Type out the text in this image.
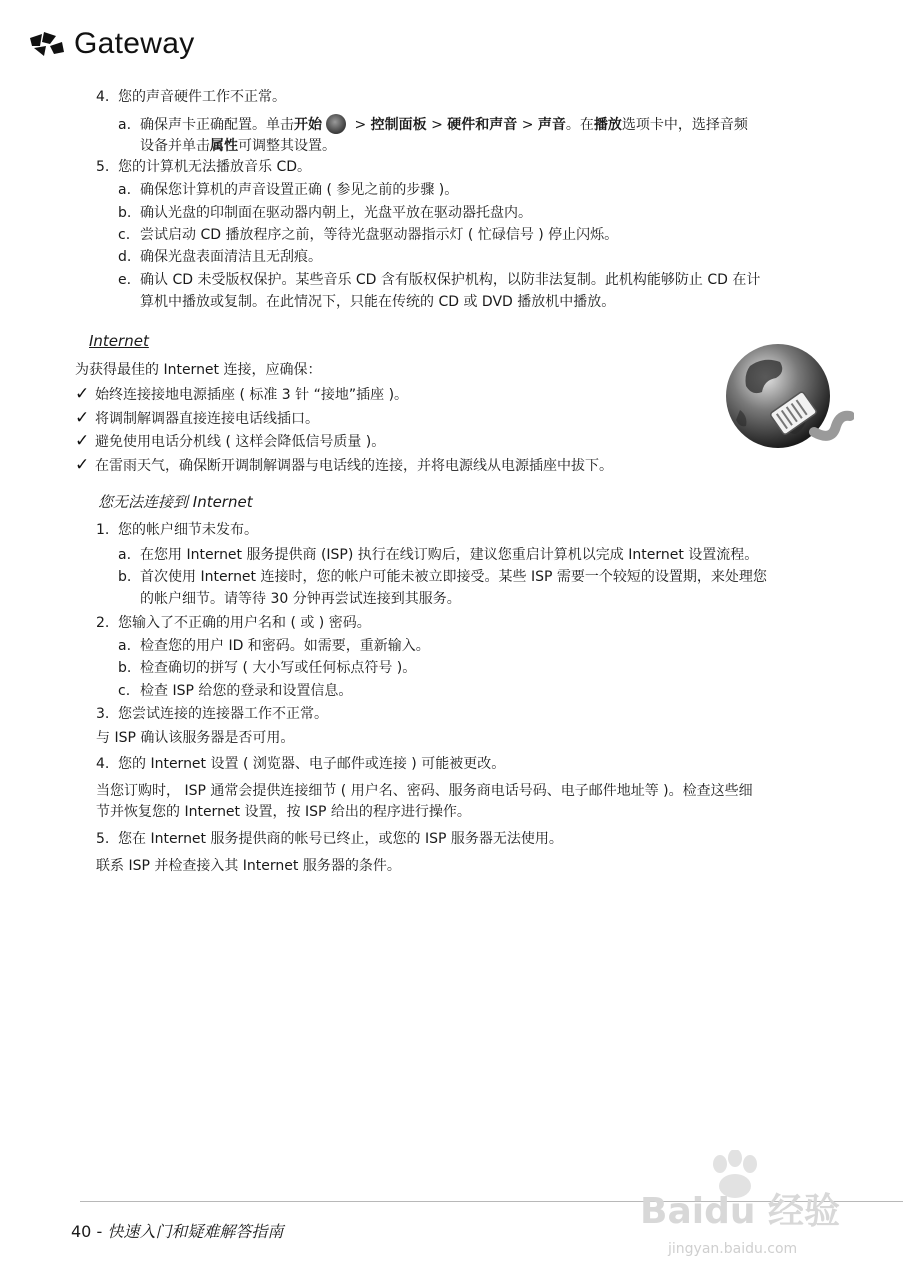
Gateway
4. 您的声音硬件工作不正常。
a. 确保声卡正确配置。单击开始 > 控制面板 > 硬件和声音 > 声音。在播放选项卡中，选择音频
设备并单击属性可调整其设置。
5. 您的计算机无法播放音乐 CD。
a. 确保您计算机的声音设置正确 ( 参见之前的步骤 )。
b. 确认光盘的印制面在驱动器内朝上，光盘平放在驱动器托盘内。
c. 尝试启动 CD 播放程序之前，等待光盘驱动器指示灯 ( 忙碌信号 ) 停止闪烁。
d. 确保光盘表面清洁且无刮痕。
e. 确认 CD 未受版权保护。某些音乐 CD 含有版权保护机构，以防非法复制。此机构能够防止 CD 在计
算机中播放或复制。在此情况下，只能在传统的 CD 或 DVD 播放机中播放。
Internet
为获得最佳的 Internet 连接，应确保：
✓ 始终连接接地电源插座 ( 标准 3 针 “接地”插座 )。
✓ 将调制解调器直接连接电话线插口。
✓ 避免使用电话分机线 ( 这样会降低信号质量 )。
✓ 在雷雨天气，确保断开调制解调器与电话线的连接，并将电源线从电源插座中拔下。
您无法连接到 Internet
1. 您的帐户细节未发布。
a. 在您用 Internet 服务提供商 (ISP) 执行在线订购后，建议您重启计算机以完成 Internet 设置流程。
b. 首次使用 Internet 连接时，您的帐户可能未被立即接受。某些 ISP 需要一个较短的设置期，来处理您
的帐户细节。请等待 30 分钟再尝试连接到其服务。
2. 您输入了不正确的用户名和 ( 或 ) 密码。
a. 检查您的用户 ID 和密码。如需要，重新输入。
b. 检查确切的拼写 ( 大小写或任何标点符号 )。
c. 检查 ISP 给您的登录和设置信息。
3. 您尝试连接的连接器工作不正常。
与 ISP 确认该服务器是否可用。
4. 您的 Internet 设置 ( 浏览器、电子邮件或连接 ) 可能被更改。
当您订购时， ISP 通常会提供连接细节 ( 用户名、密码、服务商电话号码、电子邮件地址等 )。检查这些细
节并恢复您的 Internet 设置，按 ISP 给出的程序进行操作。
5. 您在 Internet 服务提供商的帐号已终止，或您的 ISP 服务器无法使用。
联系 ISP 并检查接入其 Internet 服务器的条件。
40 - 快速入门和疑难解答指南	Baidu 经验
jingyan.baidu.com
